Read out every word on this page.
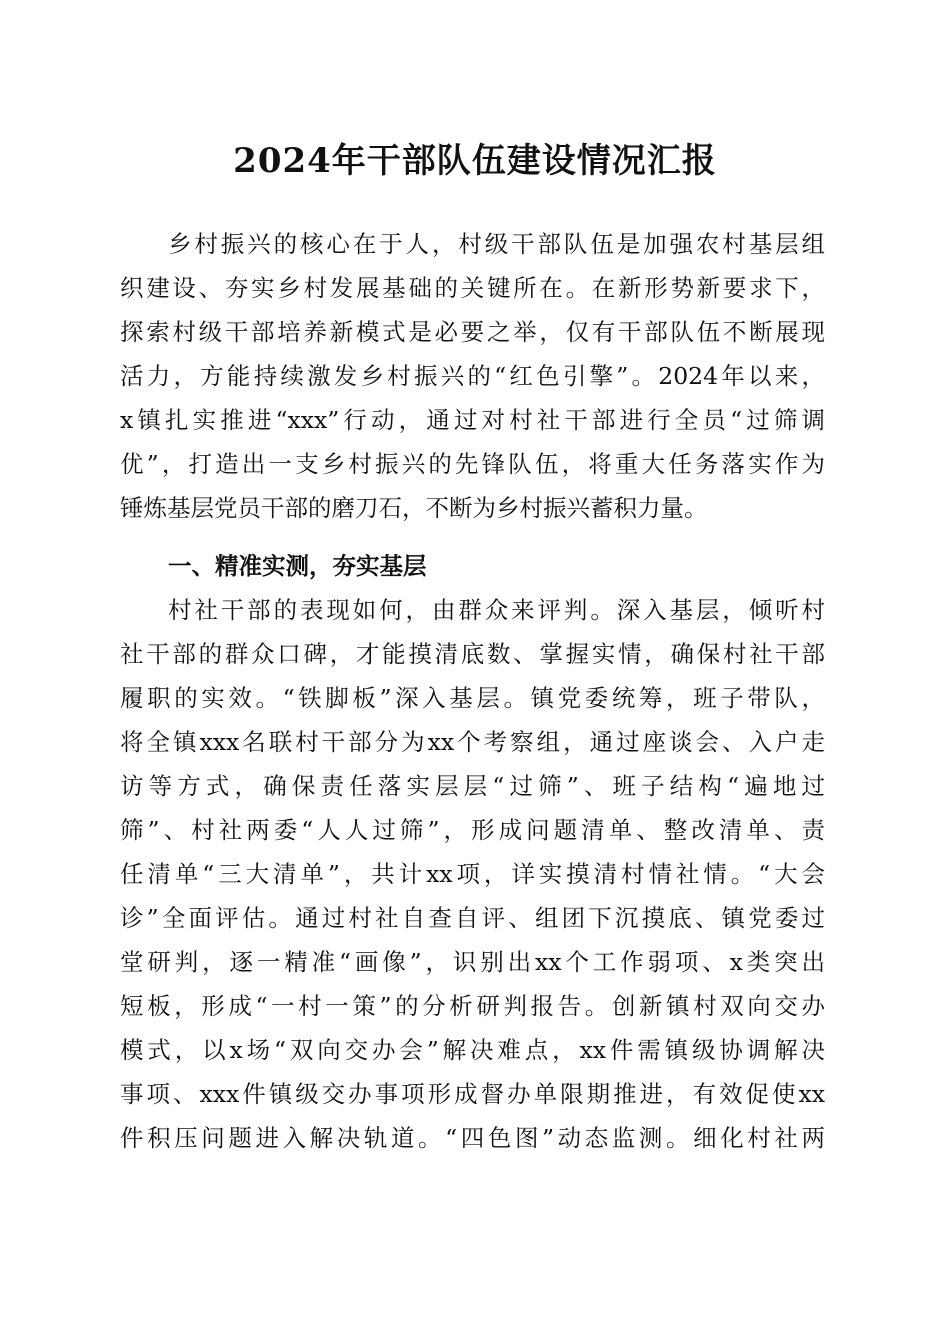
2024年干部队伍建设情况汇报
乡村振兴的核心在于人，村级干部队伍是加强农村基层组
织建设、夯实乡村发展基础的关键所在。在新形势新要求下，
探索村级干部培养新模式是必要之举，仅有干部队伍不断展现
活力，方能持续激发乡村振兴的“红色引擎”。2024年以来，
x镇扎实推进“xxx”行动，通过对村社干部进行全员“过筛调
优”，打造出一支乡村振兴的先锋队伍，将重大任务落实作为
锤炼基层党员干部的磨刀石，不断为乡村振兴蓄积力量。
一、精准实测，夯实基层
村社干部的表现如何，由群众来评判。深入基层，倾听村
社干部的群众口碑，才能摸清底数、掌握实情，确保村社干部
履职的实效。“铁脚板”深入基层。镇党委统筹，班子带队，
将全镇xxx名联村干部分为xx个考察组，通过座谈会、入户走
访等方式，确保责任落实层层“过筛”、班子结构“遍地过
筛”、村社两委“人人过筛”，形成问题清单、整改清单、责
任清单“三大清单”，共计xx项，详实摸清村情社情。“大会
诊”全面评估。通过村社自查自评、组团下沉摸底、镇党委过
堂研判，逐一精准“画像”，识别出xx个工作弱项、x类突出
短板，形成“一村一策”的分析研判报告。创新镇村双向交办
模式，以x场“双向交办会”解决难点，xx件需镇级协调解决
事项、xxx件镇级交办事项形成督办单限期推进，有效促使xx
件积压问题进入解决轨道。“四色图”动态监测。细化村社两
